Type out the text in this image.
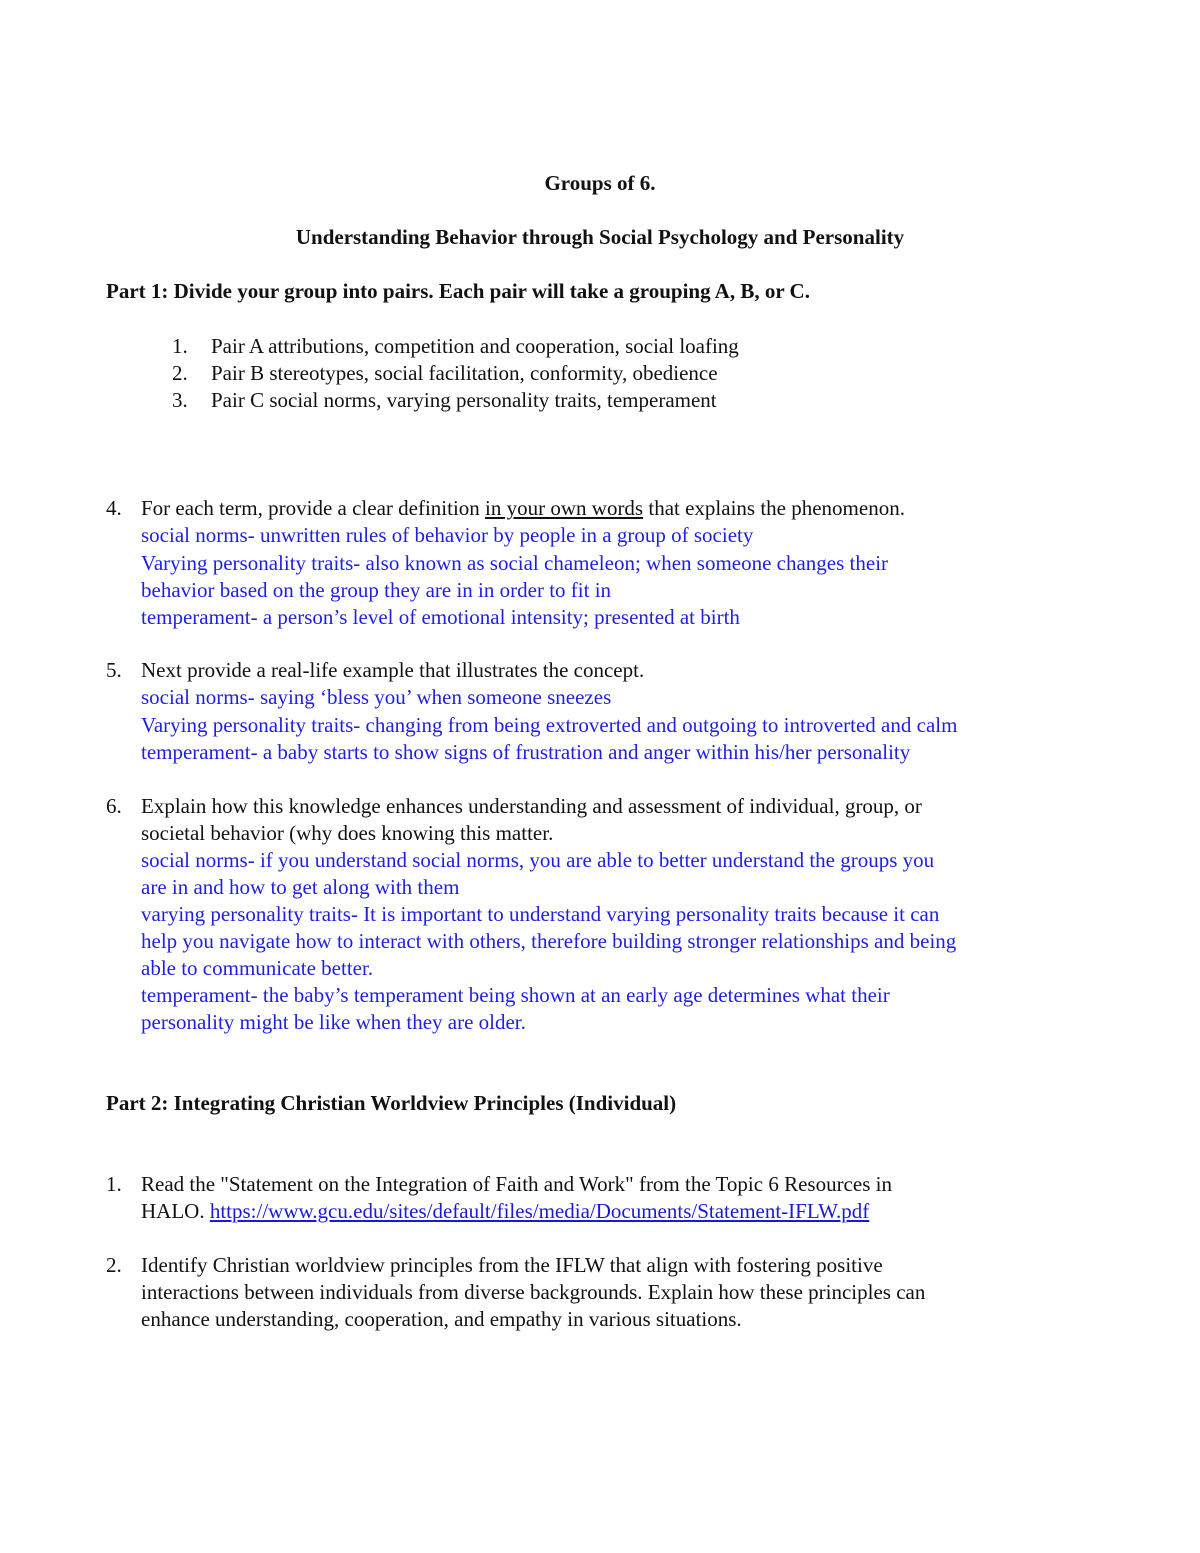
Groups of 6.
Understanding Behavior through Social Psychology and Personality
Part 1: Divide your group into pairs. Each pair will take a grouping A, B, or C.
1. Pair A attributions, competition and cooperation, social loafing
2. Pair B stereotypes, social facilitation, conformity, obedience
3. Pair C social norms, varying personality traits, temperament
4. For each term, provide a clear definition in your own words that explains the phenomenon.
social norms- unwritten rules of behavior by people in a group of society
Varying personality traits- also known as social chameleon; when someone changes their
behavior based on the group they are in in order to fit in
temperament- a person’s level of emotional intensity; presented at birth
5. Next provide a real-life example that illustrates the concept.
social norms- saying ‘bless you’ when someone sneezes
Varying personality traits- changing from being extroverted and outgoing to introverted and calm
temperament- a baby starts to show signs of frustration and anger within his/her personality
6. Explain how this knowledge enhances understanding and assessment of individual, group, or
societal behavior (why does knowing this matter.
social norms- if you understand social norms, you are able to better understand the groups you
are in and how to get along with them
varying personality traits- It is important to understand varying personality traits because it can
help you navigate how to interact with others, therefore building stronger relationships and being
able to communicate better.
temperament- the baby’s temperament being shown at an early age determines what their
personality might be like when they are older.
Part 2: Integrating Christian Worldview Principles (Individual)
1. Read the "Statement on the Integration of Faith and Work" from the Topic 6 Resources in
HALO. https://www.gcu.edu/sites/default/files/media/Documents/Statement-IFLW.pdf
2. Identify Christian worldview principles from the IFLW that align with fostering positive
interactions between individuals from diverse backgrounds. Explain how these principles can
enhance understanding, cooperation, and empathy in various situations.
